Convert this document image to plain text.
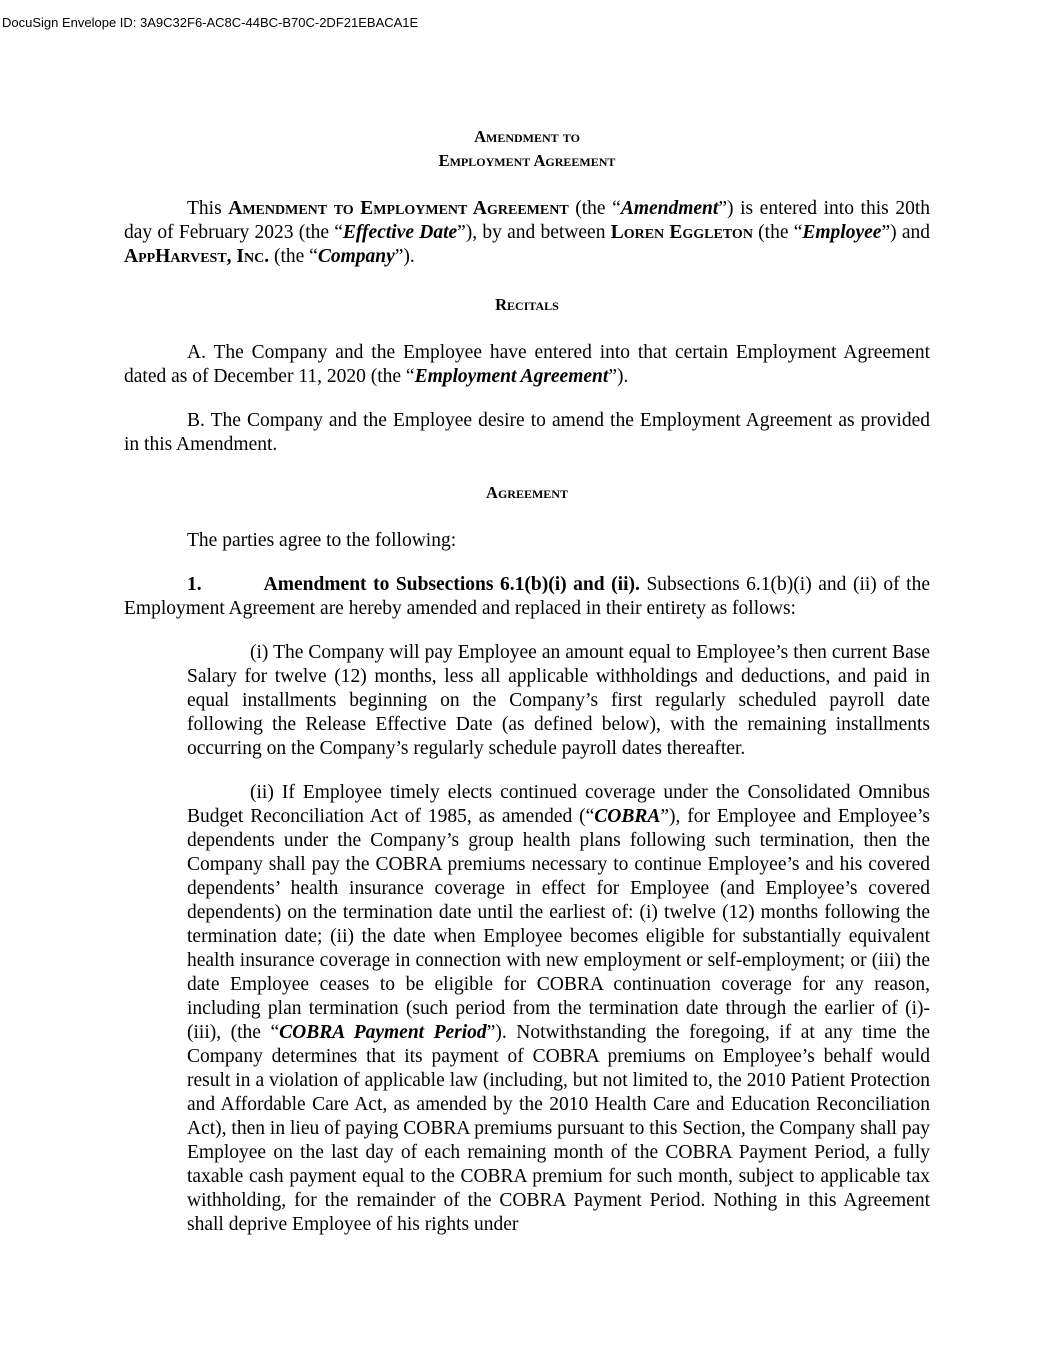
DocuSign Envelope ID: 3A9C32F6-AC8C-44BC-B70C-2DF21EBACA1E
Amendment to
Employment Agreement

This Amendment to Employment Agreement (the “Amendment”) is entered into this 20th day of February 2023 (the “Effective Date”), by and between Loren Eggleton (the “Employee”) and AppHarvest, Inc. (the “Company”).

Recitals

A. The Company and the Employee have entered into that certain Employment Agreement dated as of December 11, 2020 (the “Employment Agreement”).

B. The Company and the Employee desire to amend the Employment Agreement as provided in this Amendment.

Agreement

The parties agree to the following:

1.	Amendment to Subsections 6.1(b)(i) and (ii). Subsections 6.1(b)(i) and (ii) of the Employment Agreement are hereby amended and replaced in their entirety as follows:

(i) The Company will pay Employee an amount equal to Employee’s then current Base Salary for twelve (12) months, less all applicable withholdings and deductions, and paid in equal installments beginning on the Company’s first regularly scheduled payroll date following the Release Effective Date (as defined below), with the remaining installments occurring on the Company’s regularly schedule payroll dates thereafter.

(ii) If Employee timely elects continued coverage under the Consolidated Omnibus Budget Reconciliation Act of 1985, as amended (“COBRA”), for Employee and Employee’s dependents under the Company’s group health plans following such termination, then the Company shall pay the COBRA premiums necessary to continue Employee’s and his covered dependents’ health insurance coverage in effect for Employee (and Employee’s covered dependents) on the termination date until the earliest of: (i) twelve (12) months following the termination date; (ii) the date when Employee becomes eligible for substantially equivalent health insurance coverage in connection with new employment or self-employment; or (iii) the date Employee ceases to be eligible for COBRA continuation coverage for any reason, including plan termination (such period from the termination date through the earlier of (i)-(iii), (the “COBRA Payment Period”). Notwithstanding the foregoing, if at any time the Company determines that its payment of COBRA premiums on Employee’s behalf would result in a violation of applicable law (including, but not limited to, the 2010 Patient Protection and Affordable Care Act, as amended by the 2010 Health Care and Education Reconciliation Act), then in lieu of paying COBRA premiums pursuant to this Section, the Company shall pay Employee on the last day of each remaining month of the COBRA Payment Period, a fully taxable cash payment equal to the COBRA premium for such month, subject to applicable tax withholding, for the remainder of the COBRA Payment Period. Nothing in this Agreement shall deprive Employee of his rights under
